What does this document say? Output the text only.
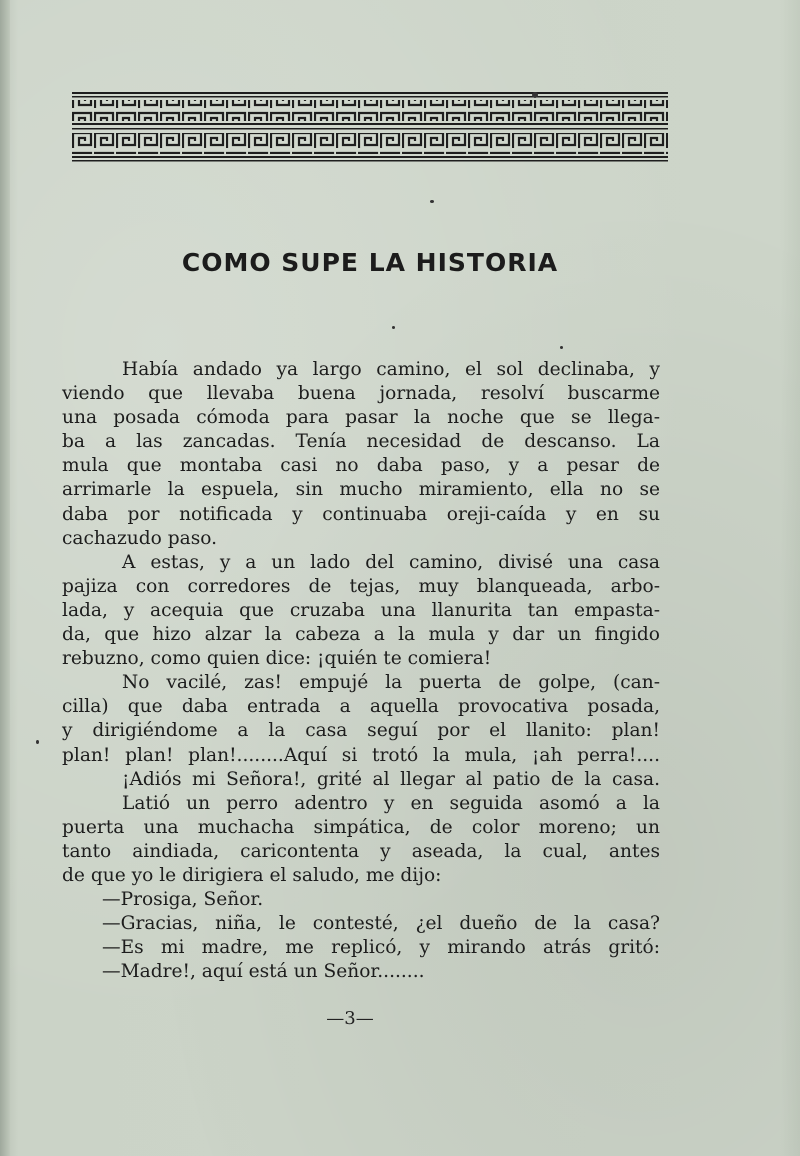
COMO SUPE LA HISTORIA
Había andado ya largo camino, el sol declinaba, y
viendo que llevaba buena jornada, resolví buscarme
una posada cómoda para pasar la noche que se llega-
ba a las zancadas. Tenía necesidad de descanso. La
mula que montaba casi no daba paso, y a pesar de
arrimarle la espuela, sin mucho miramiento, ella no se
daba por notificada y continuaba oreji-caída y en su
cachazudo paso.
A estas, y a un lado del camino, divisé una casa
pajiza con corredores de tejas, muy blanqueada, arbo-
lada, y acequia que cruzaba una llanurita tan empasta-
da, que hizo alzar la cabeza a la mula y dar un fingido
rebuzno, como quien dice: ¡quién te comiera!
No vacilé, zas! empujé la puerta de golpe, (can-
cilla) que daba entrada a aquella provocativa posada,
y dirigiéndome a la casa seguí por el llanito: plan!
plan! plan! plan!........Aquí si trotó la mula, ¡ah perra!....
¡Adiós mi Señora!, grité al llegar al patio de la casa.
Latió un perro adentro y en seguida asomó a la
puerta una muchacha simpática, de color moreno; un
tanto aindiada, caricontenta y aseada, la cual, antes
de que yo le dirigiera el saludo, me dijo:
—Prosiga, Señor.
—Gracias, niña, le contesté, ¿el dueño de la casa?
—Es mi madre, me replicó, y mirando atrás gritó:
—Madre!, aquí está un Señor........
—3—
